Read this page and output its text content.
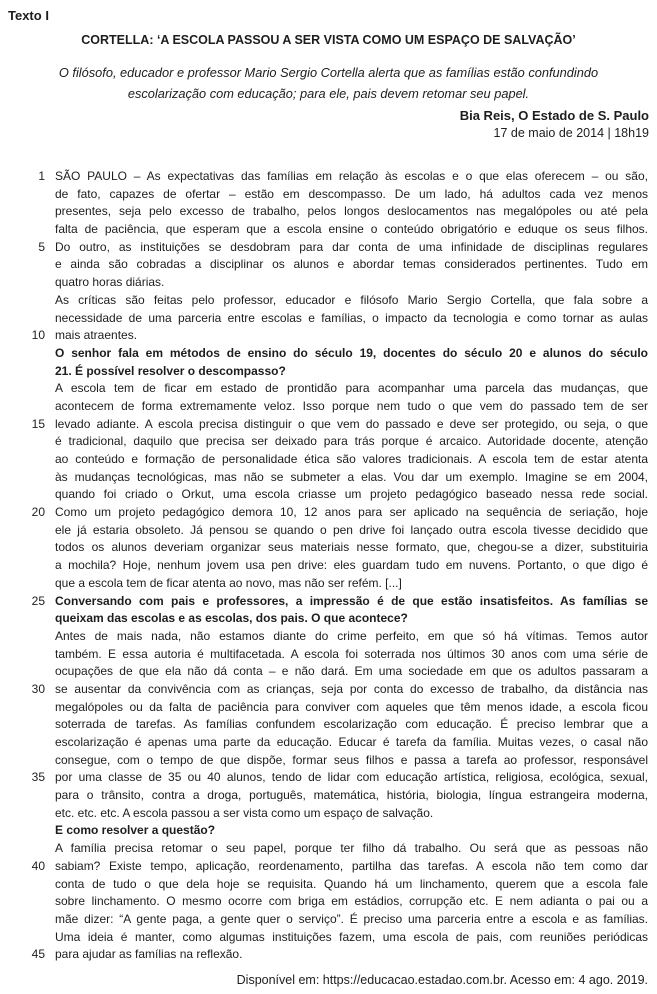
Texto I
CORTELLA: ‘A ESCOLA PASSOU A SER VISTA COMO UM ESPAÇO DE SALVAÇÃO’
O filósofo, educador e professor Mario Sergio Cortella alerta que as famílias estão confundindo escolarização com educação; para ele, pais devem retomar seu papel.
Bia Reis, O Estado de S. Paulo
17 de maio de 2014 | 18h19
1 SÃO PAULO – As expectativas das famílias em relação às escolas e o que elas oferecem – ou são,
de fato, capazes de ofertar – estão em descompasso. De um lado, há adultos cada vez menos
presentes, seja pelo excesso de trabalho, pelos longos deslocamentos nas megalópoles ou até pela
falta de paciência, que esperam que a escola ensine o conteúdo obrigatório e eduque os seus filhos.
5 Do outro, as instituições se desdobram para dar conta de uma infinidade de disciplinas regulares
e ainda são cobradas a disciplinar os alunos e abordar temas considerados pertinentes. Tudo em
quatro horas diárias.
As críticas são feitas pelo professor, educador e filósofo Mario Sergio Cortella, que fala sobre a
necessidade de uma parceria entre escolas e famílias, o impacto da tecnologia e como tornar as aulas
10 mais atraentes.
O senhor fala em métodos de ensino do século 19, docentes do século 20 e alunos do século
21. É possível resolver o descompasso?
A escola tem de ficar em estado de prontidão para acompanhar uma parcela das mudanças, que
acontecem de forma extremamente veloz. Isso porque nem tudo o que vem do passado tem de ser
15 levado adiante. A escola precisa distinguir o que vem do passado e deve ser protegido, ou seja, o que
é tradicional, daquilo que precisa ser deixado para trás porque é arcaico. Autoridade docente, atenção
ao conteúdo e formação de personalidade ética são valores tradicionais. A escola tem de estar atenta
às mudanças tecnológicas, mas não se submeter a elas. Vou dar um exemplo. Imagine se em 2004,
quando foi criado o Orkut, uma escola criasse um projeto pedagógico baseado nessa rede social.
20 Como um projeto pedagógico demora 10, 12 anos para ser aplicado na sequência de seriação, hoje
ele já estaria obsoleto. Já pensou se quando o pen drive foi lançado outra escola tivesse decidido que
todos os alunos deveriam organizar seus materiais nesse formato, que, chegou-se a dizer, substituiria
a mochila? Hoje, nenhum jovem usa pen drive: eles guardam tudo em nuvens. Portanto, o que digo é
que a escola tem de ficar atenta ao novo, mas não ser refém. [...]
25 Conversando com pais e professores, a impressão é de que estão insatisfeitos. As famílias se
queixam das escolas e as escolas, dos pais. O que acontece?
Antes de mais nada, não estamos diante do crime perfeito, em que só há vítimas. Temos autor
também. E essa autoria é multifacetada. A escola foi soterrada nos últimos 30 anos com uma série de
ocupações de que ela não dá conta – e não dará. Em uma sociedade em que os adultos passaram a
30 se ausentar da convivência com as crianças, seja por conta do excesso de trabalho, da distância nas
megalópoles ou da falta de paciência para conviver com aqueles que têm menos idade, a escola ficou
soterrada de tarefas. As famílias confundem escolarização com educação. É preciso lembrar que a
escolarização é apenas uma parte da educação. Educar é tarefa da família. Muitas vezes, o casal não
consegue, com o tempo de que dispõe, formar seus filhos e passa a tarefa ao professor, responsável
35 por uma classe de 35 ou 40 alunos, tendo de lidar com educação artística, religiosa, ecológica, sexual,
para o trânsito, contra a droga, português, matemática, história, biologia, língua estrangeira moderna,
etc. etc. etc. A escola passou a ser vista como um espaço de salvação.
E como resolver a questão?
A família precisa retomar o seu papel, porque ter filho dá trabalho. Ou será que as pessoas não
40 sabiam? Existe tempo, aplicação, reordenamento, partilha das tarefas. A escola não tem como dar
conta de tudo o que dela hoje se requisita. Quando há um linchamento, querem que a escola fale
sobre linchamento. O mesmo ocorre com briga em estádios, corrupção etc. E nem adianta o pai ou a
mãe dizer: “A gente paga, a gente quer o serviço”. É preciso uma parceria entre a escola e as famílias.
Uma ideia é manter, como algumas instituições fazem, uma escola de pais, com reuniões periódicas
45 para ajudar as famílias na reflexão.
Disponível em: https://educacao.estadao.com.br. Acesso em: 4 ago. 2019.
